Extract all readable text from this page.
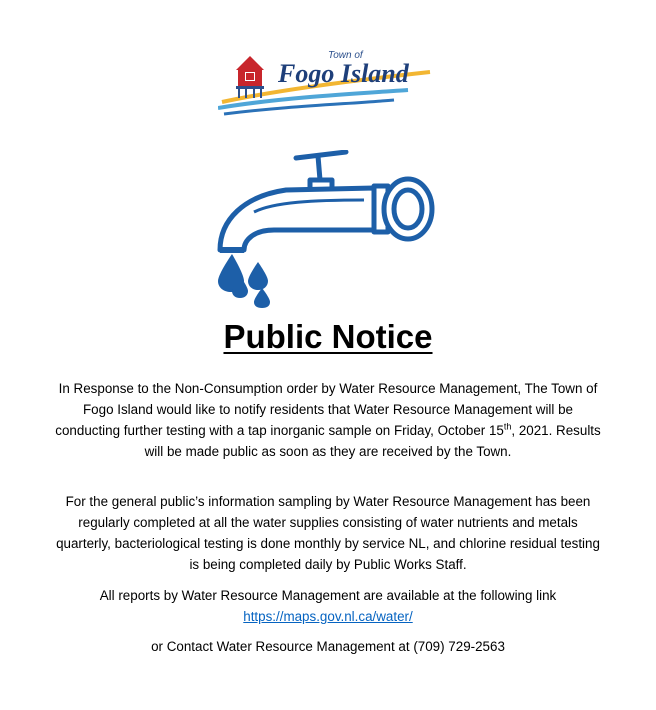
Town of
Fogo Island
Public Notice
In Response to the Non-Consumption order by Water Resource Management, The Town of Fogo Island would like to notify residents that Water Resource Management will be conducting further testing with a tap inorganic sample on Friday, October 15th, 2021. Results will be made public as soon as they are received by the Town.
For the general public’s information sampling by Water Resource Management has been regularly completed at all the water supplies consisting of water nutrients and metals quarterly, bacteriological testing is done monthly by service NL, and chlorine residual testing is being completed daily by Public Works Staff.
All reports by Water Resource Management are available at the following link
https://maps.gov.nl.ca/water/
or Contact Water Resource Management at (709) 729-2563
